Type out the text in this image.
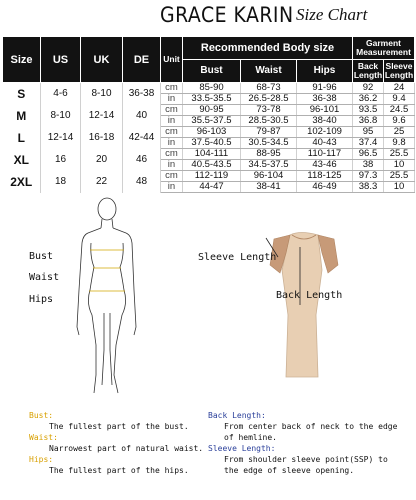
GRACE KARIN Size Chart
Size	US	UK	DE	Unit	Recommended Body size			Garment Measurement	
					Bust	Waist	Hips	Back Length	Sleeve Length
S	4-6	8-10	36-38	cm	85-90	68-73	91-96	92	24
				in	33.5-35.5	26.5-28.5	36-38	36.2	9.4
M	8-10	12-14	40	cm	90-95	73-78	96-101	93.5	24.5
				in	35.5-37.5	28.5-30.5	38-40	36.8	9.6
L	12-14	16-18	42-44	cm	96-103	79-87	102-109	95	25
				in	37.5-40.5	30.5-34.5	40-43	37.4	9.8
XL	16	20	46	cm	104-111	88-95	110-117	96.5	25.5
				in	40.5-43.5	34.5-37.5	43-46	38	10
2XL	18	22	48	cm	112-119	96-104	118-125	97.3	25.5
				in	44-47	38-41	46-49	38.3	10
Bust
Waist
Hips
Sleeve Length
Back Length
Bust:
The fullest part of the bust.
Waist:
Narrowest part of natural waist.
Hips:
The fullest part of the hips.
Back Length:
From center back of neck to the edge
of hemline.
Sleeve Length:
From shoulder sleeve point(SSP) to
the edge of sleeve opening.
